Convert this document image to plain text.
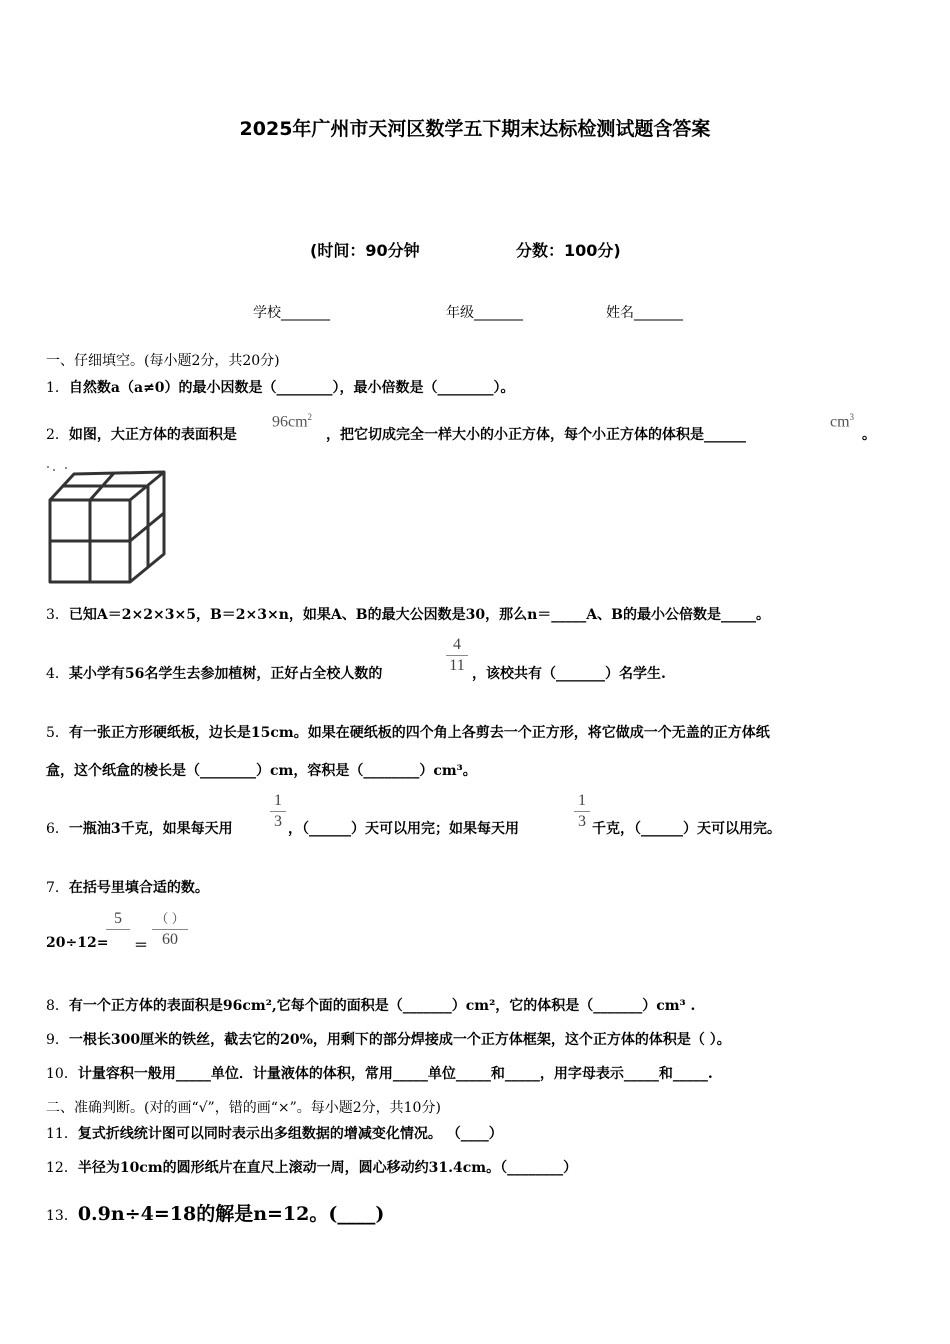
2025年广州市天河区数学五下期末达标检测试题含答案
(时间：90分钟	分数：100分)
学校_______	年级_______	姓名_______
一、仔细填空。(每小题2分，共20分)
1．自然数a（a≠0）的最小因数是（________），最小倍数是（________）。
2．如图，大正方体的表面积是
$96cm^2$
，把它切成完全一样大小的小正方体，每个小正方体的体积是______
$cm^3$
。
3．已知A＝2×2×3×5，B＝2×3×n，如果A、B的最大公因数是30，那么n＝_____A、B的最小公倍数是_____。
4．某小学有56名学生去参加植树，正好占全校人数的
4
11 ，该校共有（_______）名学生.
5．有一张正方形硬纸板，边长是15cm。如果在硬纸板的四个角上各剪去一个正方形，将它做成一个无盖的正方体纸
盒，这个纸盒的棱长是（________）cm，容积是（________）cm³。
6．一瓶油3千克，如果每天用
1
3 ，（______）天可以用完；如果每天用
1
3 千克，（______）天可以用完。
7．在括号里填合适的数。
20÷12=
5

＝
（ ）
60
8．有一个正方体的表面积是96cm²,它每个面的面积是（_______）cm²，它的体积是（_______）cm³ .
9．一根长300厘米的铁丝，截去它的20%，用剩下的部分焊接成一个正方体框架，这个正方体的体积是（ ）。
10．计量容积一般用_____单位．计量液体的体积，常用_____单位_____和_____，用字母表示_____和_____.
二、准确判断。(对的画“√”，错的画“×”。每小题2分，共10分)
11．复式折线统计图可以同时表示出多组数据的增减变化情况。 （____）
12．半径为10cm的圆形纸片在直尺上滚动一周，圆心移动约31.4cm。（________）
13．0.9n÷4=18的解是n=12。(____)
